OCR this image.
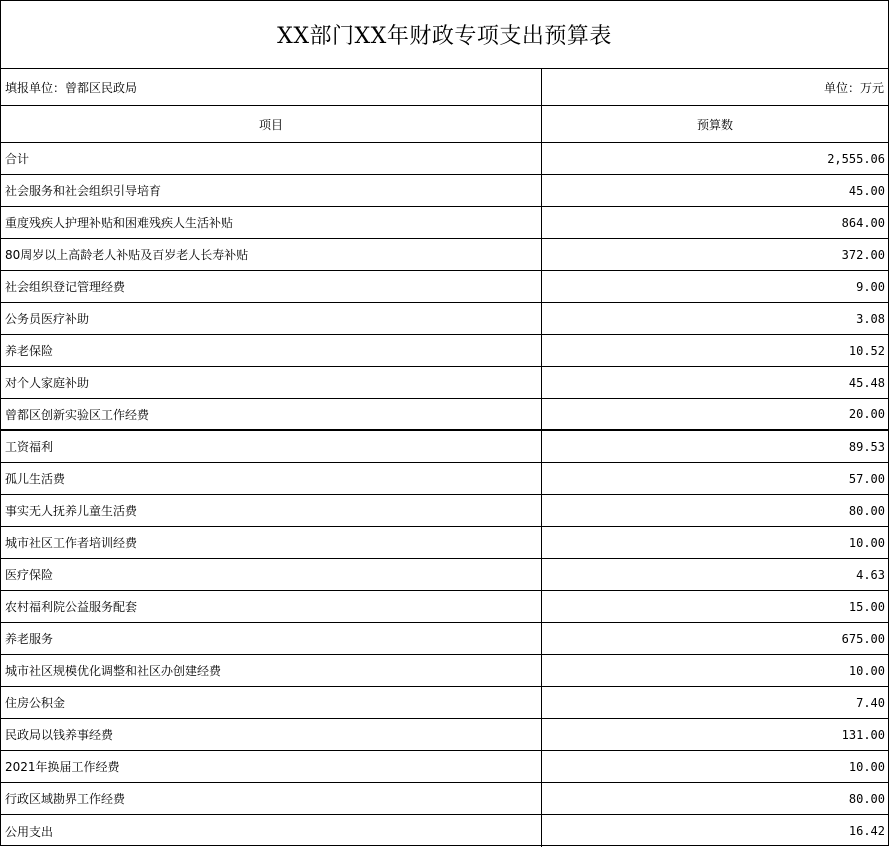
XX部门XX年财政专项支出预算表
填报单位：曾都区民政局	单位：万元
项目	预算数
合计	2,555.06
社会服务和社会组织引导培育	45.00
重度残疾人护理补贴和困难残疾人生活补贴	864.00
80周岁以上高龄老人补贴及百岁老人长寿补贴	372.00
社会组织登记管理经费	9.00
公务员医疗补助	3.08
养老保险	10.52
对个人家庭补助	45.48
曾都区创新实验区工作经费	20.00
工资福利	89.53
孤儿生活费	57.00
事实无人抚养儿童生活费	80.00
城市社区工作者培训经费	10.00
医疗保险	4.63
农村福利院公益服务配套	15.00
养老服务	675.00
城市社区规模优化调整和社区办创建经费	10.00
住房公积金	7.40
民政局以钱养事经费	131.00
2021年换届工作经费	10.00
行政区域勘界工作经费	80.00
公用支出	16.42
